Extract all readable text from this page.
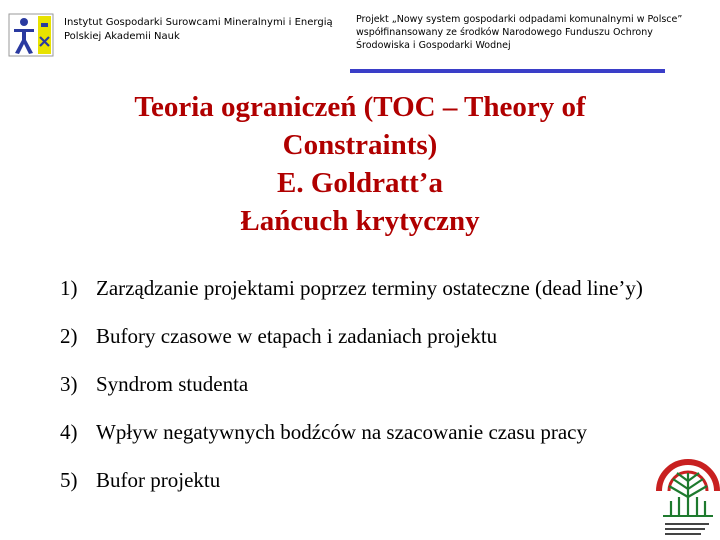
Instytut Gospodarki Surowcami Mineralnymi i Energią Polskiej Akademii Nauk
Projekt „Nowy system gospodarki odpadami komunalnymi w Polsce”
współfinansowany ze środków Narodowego Funduszu Ochrony
Środowiska i Gospodarki Wodnej
Teoria ograniczeń (TOC – Theory of
Constraints)
E. Goldratt’a
Łańcuch krytyczny
1) Zarządzanie projektami poprzez terminy ostateczne (dead line’y)
2) Bufory czasowe w etapach i zadaniach projektu
3) Syndrom studenta
4) Wpływ negatywnych bodźców na szacowanie czasu pracy
5) Bufor projektu
